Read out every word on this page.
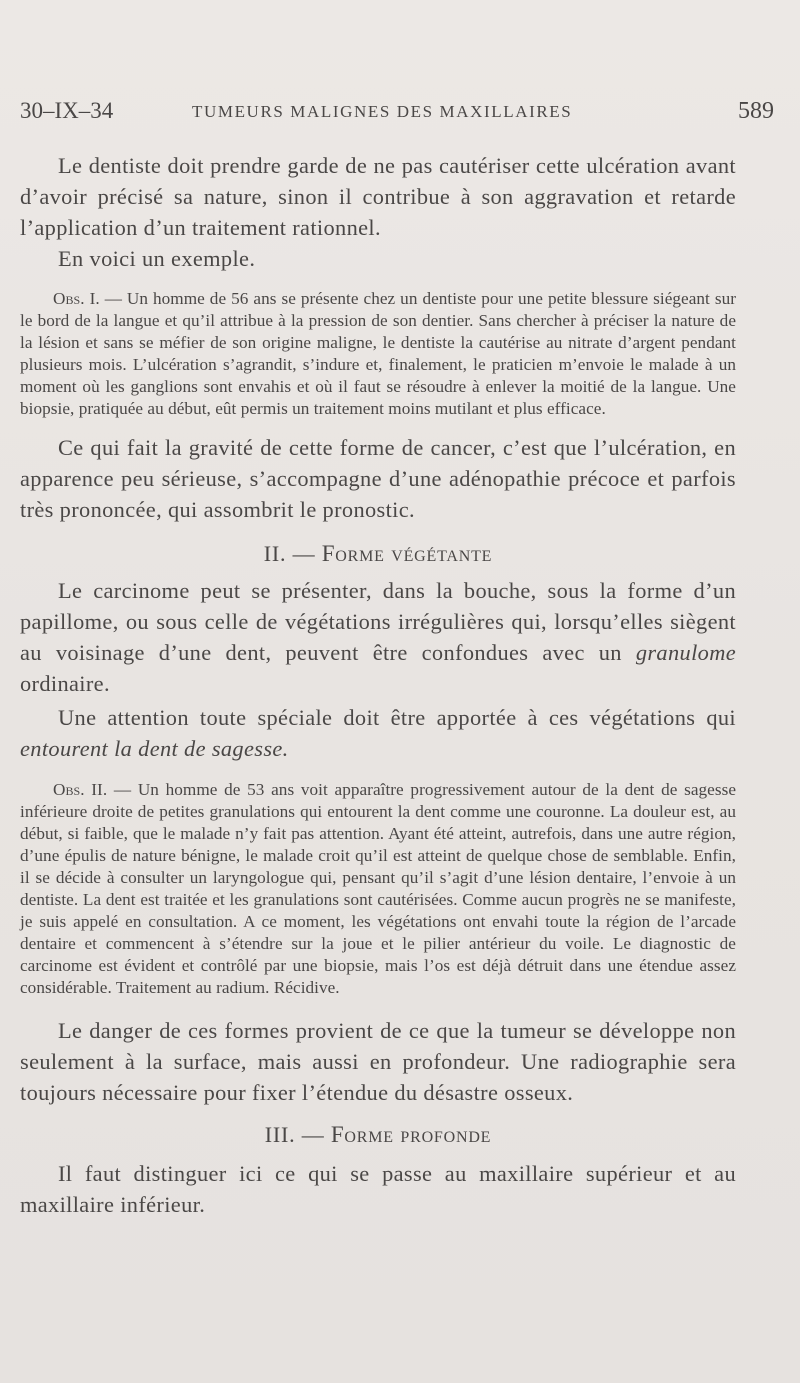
30–IX–34	TUMEURS MALIGNES DES MAXILLAIRES	589

Le dentiste doit prendre garde de ne pas cautériser cette ulcération avant d’avoir précisé sa nature, sinon il contribue à son aggravation et retarde l’application d’un traitement rationnel.

En voici un exemple.

Obs. I. — Un homme de 56 ans se présente chez un dentiste pour une petite blessure siégeant sur le bord de la langue et qu’il attribue à la pression de son dentier. Sans chercher à préciser la nature de la lésion et sans se méfier de son origine maligne, le dentiste la cautérise au nitrate d’argent pendant plusieurs mois. L’ulcération s’agrandit, s’indure et, finalement, le praticien m’envoie le malade à un moment où les ganglions sont envahis et où il faut se résoudre à enlever la moitié de la langue. Une biopsie, pratiquée au début, eût permis un traitement moins mutilant et plus efficace.

Ce qui fait la gravité de cette forme de cancer, c’est que l’ulcération, en apparence peu sérieuse, s’accompagne d’une adénopathie précoce et parfois très prononcée, qui assombrit le pronostic.

II. — Forme végétante

Le carcinome peut se présenter, dans la bouche, sous la forme d’un papillome, ou sous celle de végétations irrégulières qui, lorsqu’elles siègent au voisinage d’une dent, peuvent être confondues avec un granulome ordinaire.

Une attention toute spéciale doit être apportée à ces végétations qui entourent la dent de sagesse.

Obs. II. — Un homme de 53 ans voit apparaître progressivement autour de la dent de sagesse inférieure droite de petites granulations qui entourent la dent comme une couronne. La douleur est, au début, si faible, que le malade n’y fait pas attention. Ayant été atteint, autrefois, dans une autre région, d’une épulis de nature bénigne, le malade croit qu’il est atteint de quelque chose de semblable. Enfin, il se décide à consulter un laryngologue qui, pensant qu’il s’agit d’une lésion dentaire, l’envoie à un dentiste. La dent est traitée et les granulations sont cautérisées. Comme aucun progrès ne se manifeste, je suis appelé en consultation. A ce moment, les végétations ont envahi toute la région de l’arcade dentaire et commencent à s’étendre sur la joue et le pilier antérieur du voile. Le diagnostic de carcinome est évident et contrôlé par une biopsie, mais l’os est déjà détruit dans une étendue assez considérable. Traitement au radium. Récidive.

Le danger de ces formes provient de ce que la tumeur se développe non seulement à la surface, mais aussi en profondeur. Une radiographie sera toujours nécessaire pour fixer l’étendue du désastre osseux.

III. — Forme profonde

Il faut distinguer ici ce qui se passe au maxillaire supérieur et au maxillaire inférieur.
